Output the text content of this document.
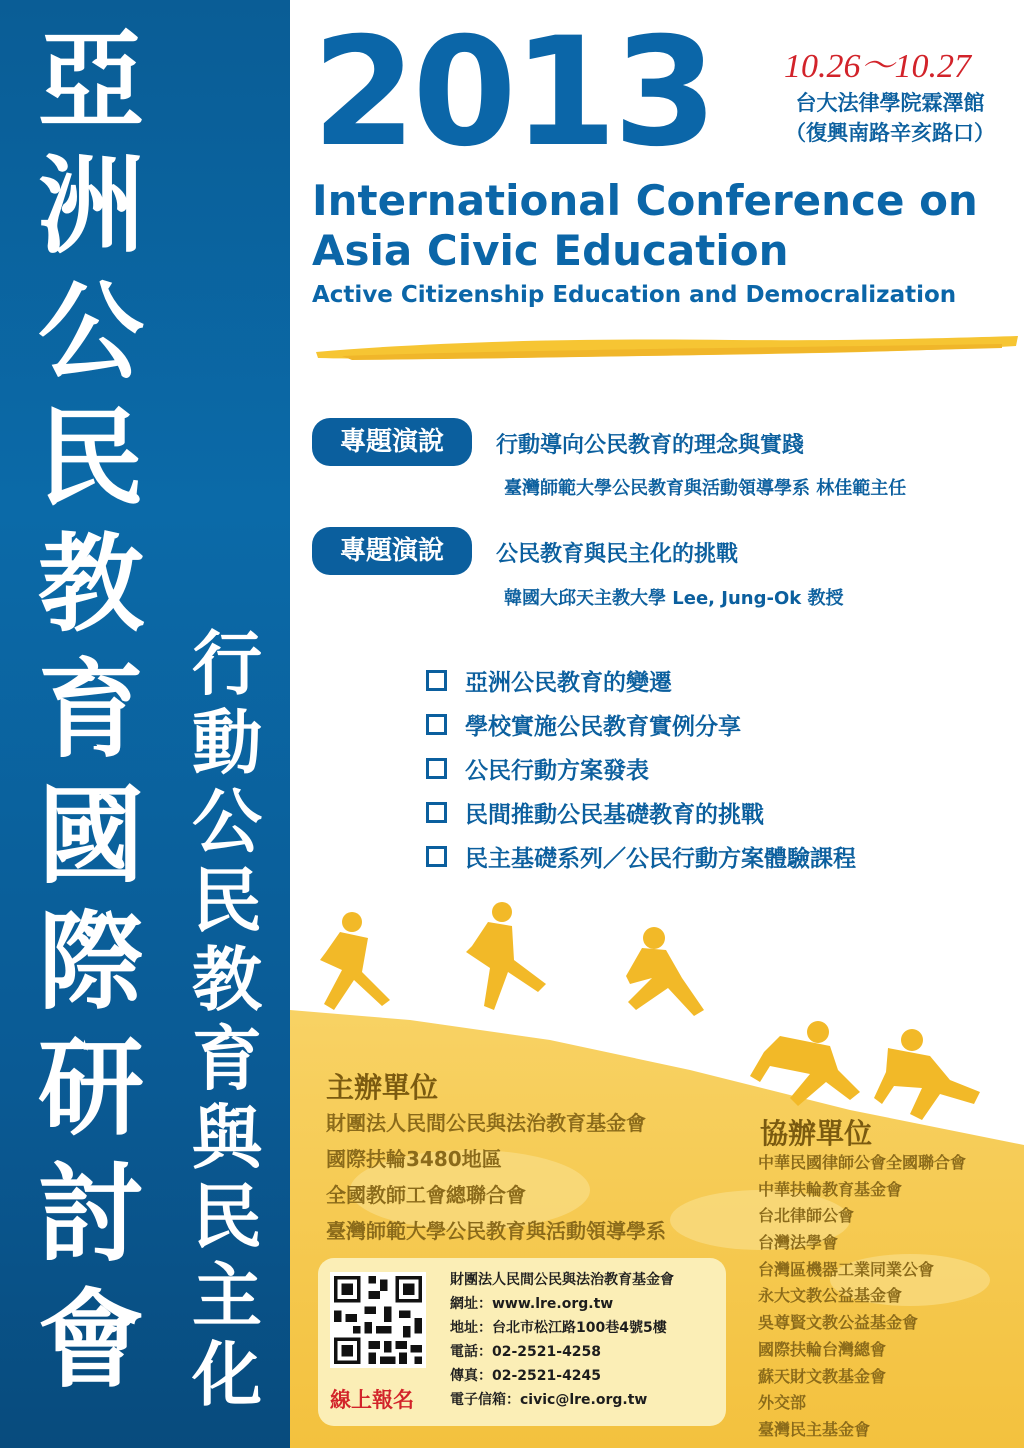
亞
洲
公
民
教
育
國
際
研
討
會
行
動
公
民
教
育
與
民
主
化
2013 10.26～10.27
台大法律學院霖澤館
（復興南路辛亥路口）
International Conference on
Asia Civic Education
Active Citizenship Education and Democralization
專題演說	行動導向公民教育的理念與實踐
臺灣師範大學公民教育與活動領導學系 林佳範主任
專題演說	公民教育與民主化的挑戰
韓國大邱天主教大學 Lee, Jung-Ok 教授
亞洲公民教育的變遷
學校實施公民教育實例分享
公民行動方案發表
民間推動公民基礎教育的挑戰
民主基礎系列／公民行動方案體驗課程
主辦單位
財團法人民間公民與法治教育基金會
國際扶輪3480地區
全國教師工會總聯合會
臺灣師範大學公民教育與活動領導學系
協辦單位
中華民國律師公會全國聯合會
中華扶輪教育基金會
台北律師公會
台灣法學會
台灣區機器工業同業公會
永大文教公益基金會
吳尊賢文教公益基金會
國際扶輪台灣總會
蘇天財文教基金會
外交部
臺灣民主基金會
線上報名
財團法人民間公民與法治教育基金會
網址：www.lre.org.tw
地址：台北市松江路100巷4號5樓
電話：02-2521-4258
傳真：02-2521-4245
電子信箱：civic@lre.org.tw
